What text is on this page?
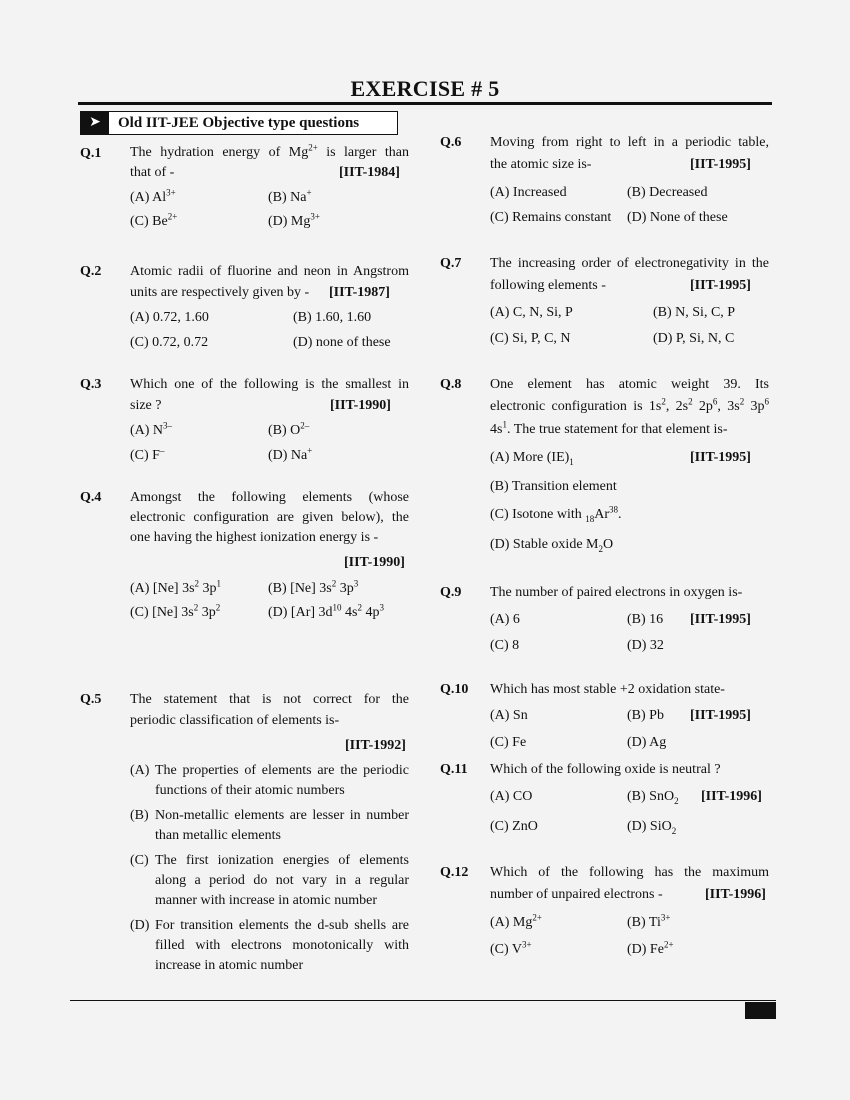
EXERCISE # 5
➤	Old IIT-JEE Objective type questions
Q.1 The hydration energy of $Mg^{2+}$ is larger than
that of -	[IIT-1984]
(A) $Al^{3+}$	(B) Na+
(C) $Be^{2+}$	(D) $Mg^{3+}$
Q.2 Atomic radii of fluorine and neon in Angstrom
units are respectively given by - [IIT-1987]
(A) 0.72, 1.60	(B) 1.60, 1.60
(C) 0.72, 0.72	(D) none of these
Q.3 Which one of the following is the smallest in
size ?	[IIT-1990]
(A) $N^{3-}$	(B) $O^{2-}$
(C) F–	(D) Na+
Q.4 Amongst the following elements (whose
electronic configuration are given below), the
one having the highest ionization energy is -
[IIT-1990]
(A) [Ne] $3s^2$ $3p^1$	(B) [Ne] $3s^2$ $3p^3$
(C) [Ne] $3s^2$ $3p^2$	(D) [Ar] $3d^{10}$ $4s^2$ $4p^3$
Q.5 The statement that is not correct for the
periodic classification of elements is-
[IIT-1992]
(A) The properties of elements are the periodic
functions of their atomic numbers
(B) Non-metallic elements are lesser in number
than metallic elements
(C) The first ionization energies of elements
along a period do not vary in a regular
manner with increase in atomic number
(D) For transition elements the d-sub shells are
filled with electrons monotonically with
increase in atomic number
Q.6 Moving from right to left in a periodic table,
the atomic size is-	[IIT-1995]
(A) Increased	(B) Decreased
(C) Remains constant (D) None of these
Q.7 The increasing order of electronegativity in the
following elements -	[IIT-1995]
(A) C, N, Si, P	(B) N, Si, C, P
(C) Si, P, C, N	(D) P, Si, N, C
Q.8 One element has atomic weight 39. Its
electronic configuration is $1s^2$, $2s^2$ $2p^6$, $3s^2$ $3p^6$
$4s^1$. The true statement for that element is-
(A) More $(IE)_1$	[IIT-1995]
(B) Transition element
(C) Isotone with $_{18}Ar^{38}$.
(D) Stable oxide $M_2O$
Q.9 The number of paired electrons in oxygen is-
(A) 6	(B) 16 [IIT-1995]
(C) 8	(D) 32
Q.10 Which has most stable +2 oxidation state-
(A) Sn	(B) Pb [IIT-1995]
(C) Fe	(D) Ag
Q.11 Which of the following oxide is neutral ?
(A) CO	(B) SnO$_2$ [IIT-1996]
(C) ZnO	(D) SiO$_2$
Q.12 Which of the following has the maximum
number of unpaired electrons -	[IIT-1996]
(A) $Mg^{2+}$	(B) $Ti^{3+}$
(C) $V^{3+}$	(D) $Fe^{2+}$
